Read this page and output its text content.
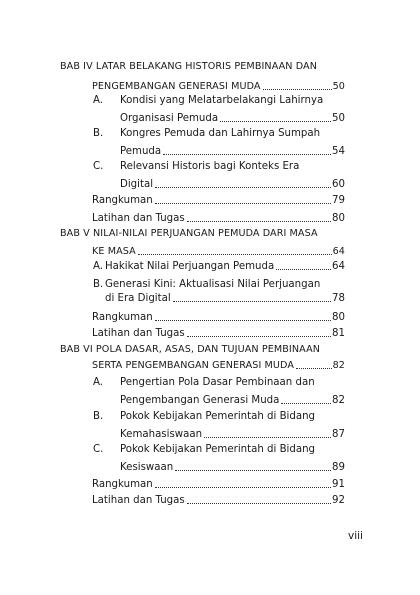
BAB IV LATAR BELAKANG HISTORIS PEMBINAAN DAN
PENGEMBANGAN GENERASI MUDA	50
A. Kondisi yang Melatarbelakangi Lahirnya
Organisasi Pemuda	50
B. Kongres Pemuda dan Lahirnya Sumpah
Pemuda	54
C. Relevansi Historis bagi Konteks Era
Digital	60
Rangkuman	79
Latihan dan Tugas	80
BAB V NILAI-NILAI PERJUANGAN PEMUDA DARI MASA
KE MASA	64
A. Hakikat Nilai Perjuangan Pemuda	64
B. Generasi Kini: Aktualisasi Nilai Perjuangan
di Era Digital	78
Rangkuman	80
Latihan dan Tugas	81
BAB VI POLA DASAR, ASAS, DAN TUJUAN PEMBINAAN
SERTA PENGEMBANGAN GENERASI MUDA	82
A. Pengertian Pola Dasar Pembinaan dan
Pengembangan Generasi Muda	82
B. Pokok Kebijakan Pemerintah di Bidang
Kemahasiswaan	87
C. Pokok Kebijakan Pemerintah di Bidang
Kesiswaan	89
Rangkuman	91
Latihan dan Tugas	92
viii
